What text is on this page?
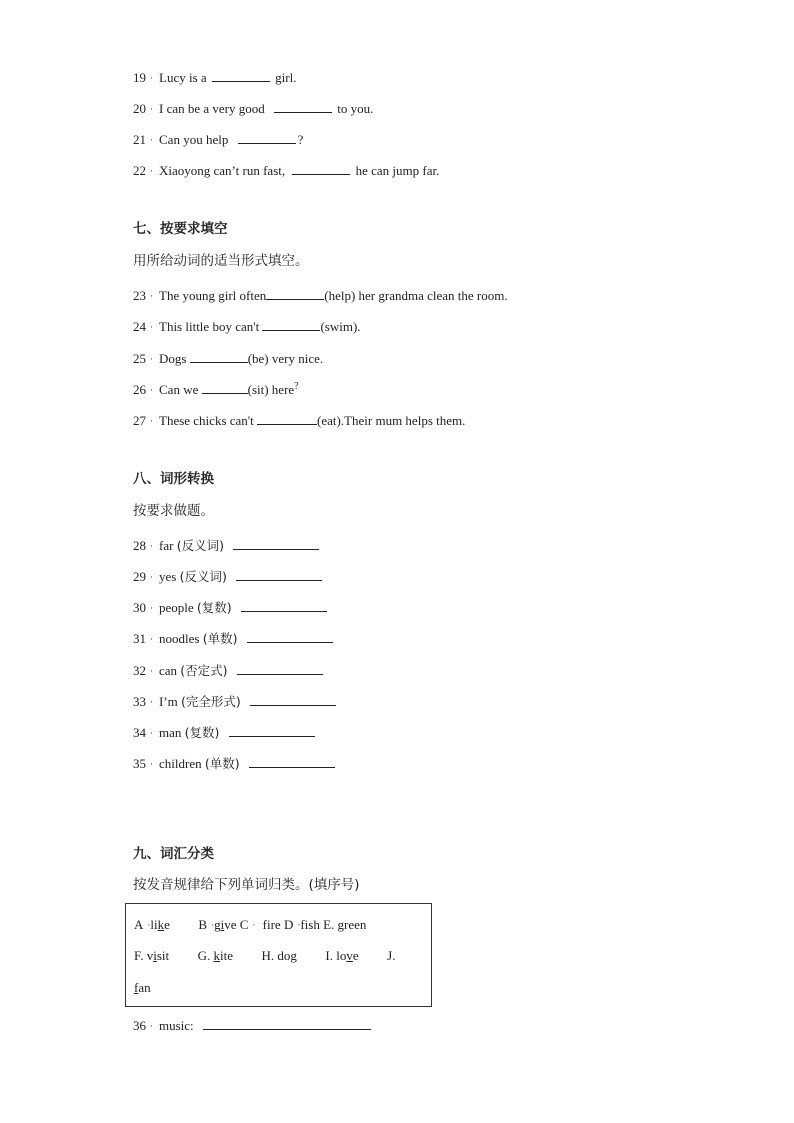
19 · Lucy is a	girl.
20 · I can be a very good	to you.
21 · Can you help	?
22 · Xiaoyong can’t run fast,	he can jump far.
七、按要求填空
用所给动词的适当形式填空。
23 · The young girl often	(help) her grandma clean the room.
24 · This little boy can't	(swim).
25 · Dogs	(be) very nice.
26 · Can we	(sit) here?
27 · These chicks can't	(eat).Their mum helps them.
八、词形转换
按要求做题。
28 · far (反义词)
29 · yes (反义词)
30 · people (复数)
31 · noodles (单数)
32 · can (否定式)
33 · I’m (完全形式)
34 · man (复数)
35 · children (单数)
九、词汇分类
按发音规律给下列单词归类。(填序号)
A ·like B ·give C · fire D ·fish E. green
F. visit G. kite H. dog I. love J.
fan
36 · music:
